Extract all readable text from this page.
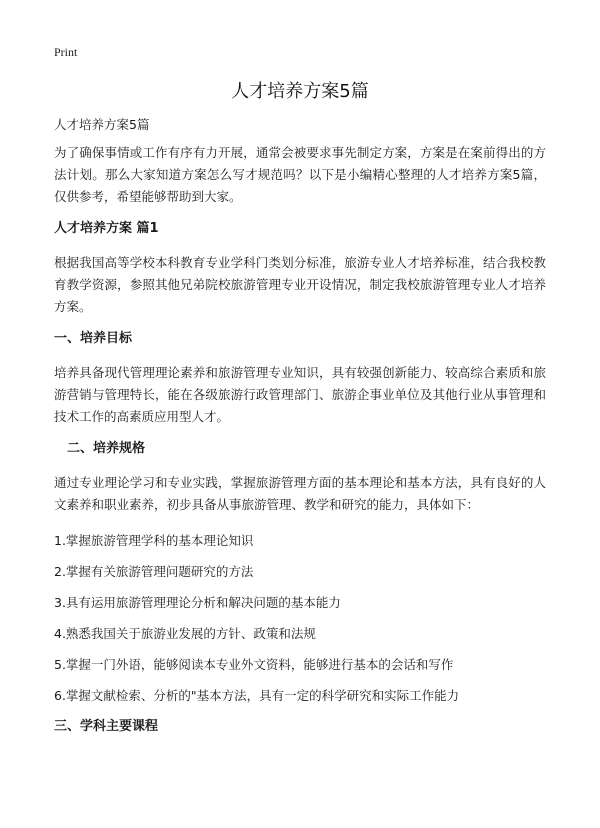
Print
人才培养方案5篇

人才培养方案5篇

为了确保事情或工作有序有力开展，通常会被要求事先制定方案，方案是在案前得出的方法计划。那么大家知道方案怎么写才规范吗？以下是小编精心整理的人才培养方案5篇，仅供参考，希望能够帮助到大家。

人才培养方案 篇1

根据我国高等学校本科教育专业学科门类划分标准，旅游专业人才培养标准，结合我校教育教学资源，参照其他兄弟院校旅游管理专业开设情况，制定我校旅游管理专业人才培养方案。

一、培养目标

培养具备现代管理理论素养和旅游管理专业知识，具有较强创新能力、较高综合素质和旅游营销与管理特长，能在各级旅游行政管理部门、旅游企事业单位及其他行业从事管理和技术工作的高素质应用型人才。

二、培养规格

通过专业理论学习和专业实践，掌握旅游管理方面的基本理论和基本方法，具有良好的人文素养和职业素养，初步具备从事旅游管理、教学和研究的能力，具体如下：

1.掌握旅游管理学科的基本理论知识
2.掌握有关旅游管理问题研究的方法
3.具有运用旅游管理理论分析和解决问题的基本能力
4.熟悉我国关于旅游业发展的方针、政策和法规
5.掌握一门外语，能够阅读本专业外文资料，能够进行基本的会话和写作
6.掌握文献检索、分析的"基本方法，具有一定的科学研究和实际工作能力
三、学科主要课程
